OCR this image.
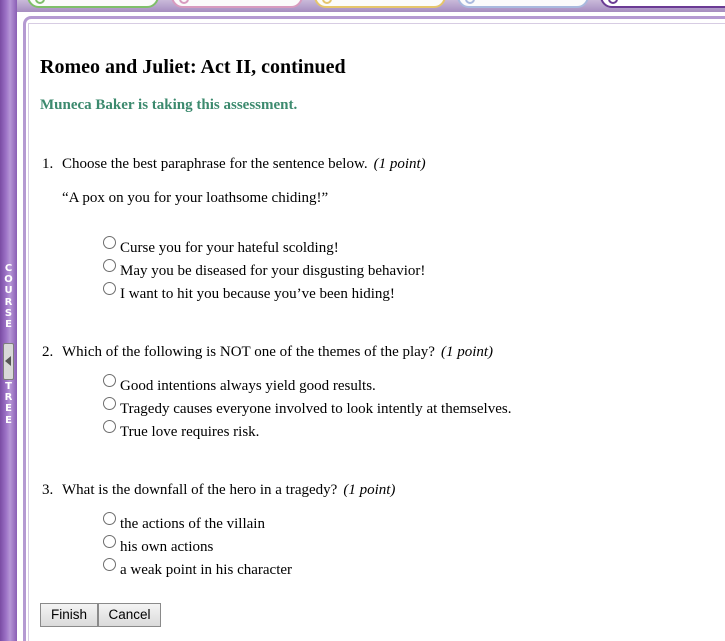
C
O
U
R
S
E
T
R
E
E
Romeo and Juliet: Act II, continued
Muneca Baker is taking this assessment.
1. Choose the best paraphrase for the sentence below. (1 point)
“A pox on you for your loathsome chiding!”
Curse you for your hateful scolding!
May you be diseased for your disgusting behavior!
I want to hit you because you’ve been hiding!
2. Which of the following is NOT one of the themes of the play? (1 point)
Good intentions always yield good results.
Tragedy causes everyone involved to look intently at themselves.
True love requires risk.
3. What is the downfall of the hero in a tragedy? (1 point)
the actions of the villain
his own actions
a weak point in his character
Finish	Cancel
